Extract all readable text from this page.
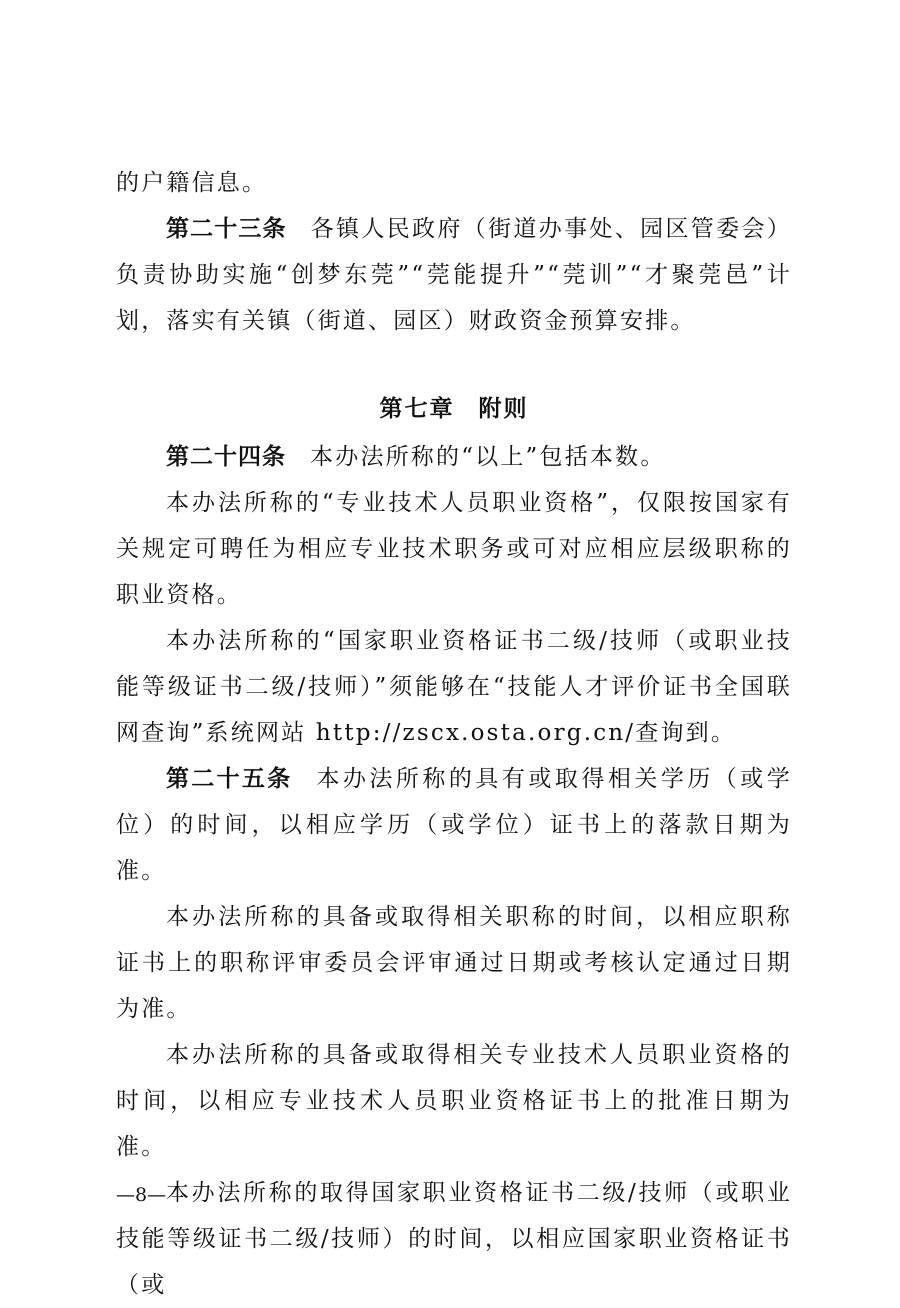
的户籍信息。

第二十三条 各镇人民政府（街道办事处、园区管委会）负责协助实施“创梦东莞”“莞能提升”“莞训”“才聚莞邑”计划，落实有关镇（街道、园区）财政资金预算安排。

第七章 附则

第二十四条 本办法所称的“以上”包括本数。

本办法所称的“专业技术人员职业资格”，仅限按国家有关规定可聘任为相应专业技术职务或可对应相应层级职称的职业资格。

本办法所称的“国家职业资格证书二级/技师（或职业技能等级证书二级/技师）”须能够在“技能人才评价证书全国联网查询”系统网站 http://zscx.osta.org.cn/查询到。

第二十五条 本办法所称的具有或取得相关学历（或学位）的时间，以相应学历（或学位）证书上的落款日期为准。

本办法所称的具备或取得相关职称的时间，以相应职称证书上的职称评审委员会评审通过日期或考核认定通过日期为准。

本办法所称的具备或取得相关专业技术人员职业资格的时间，以相应专业技术人员职业资格证书上的批准日期为准。

本办法所称的取得国家职业资格证书二级/技师（或职业技能等级证书二级/技师）的时间，以相应国家职业资格证书（或

—8—
